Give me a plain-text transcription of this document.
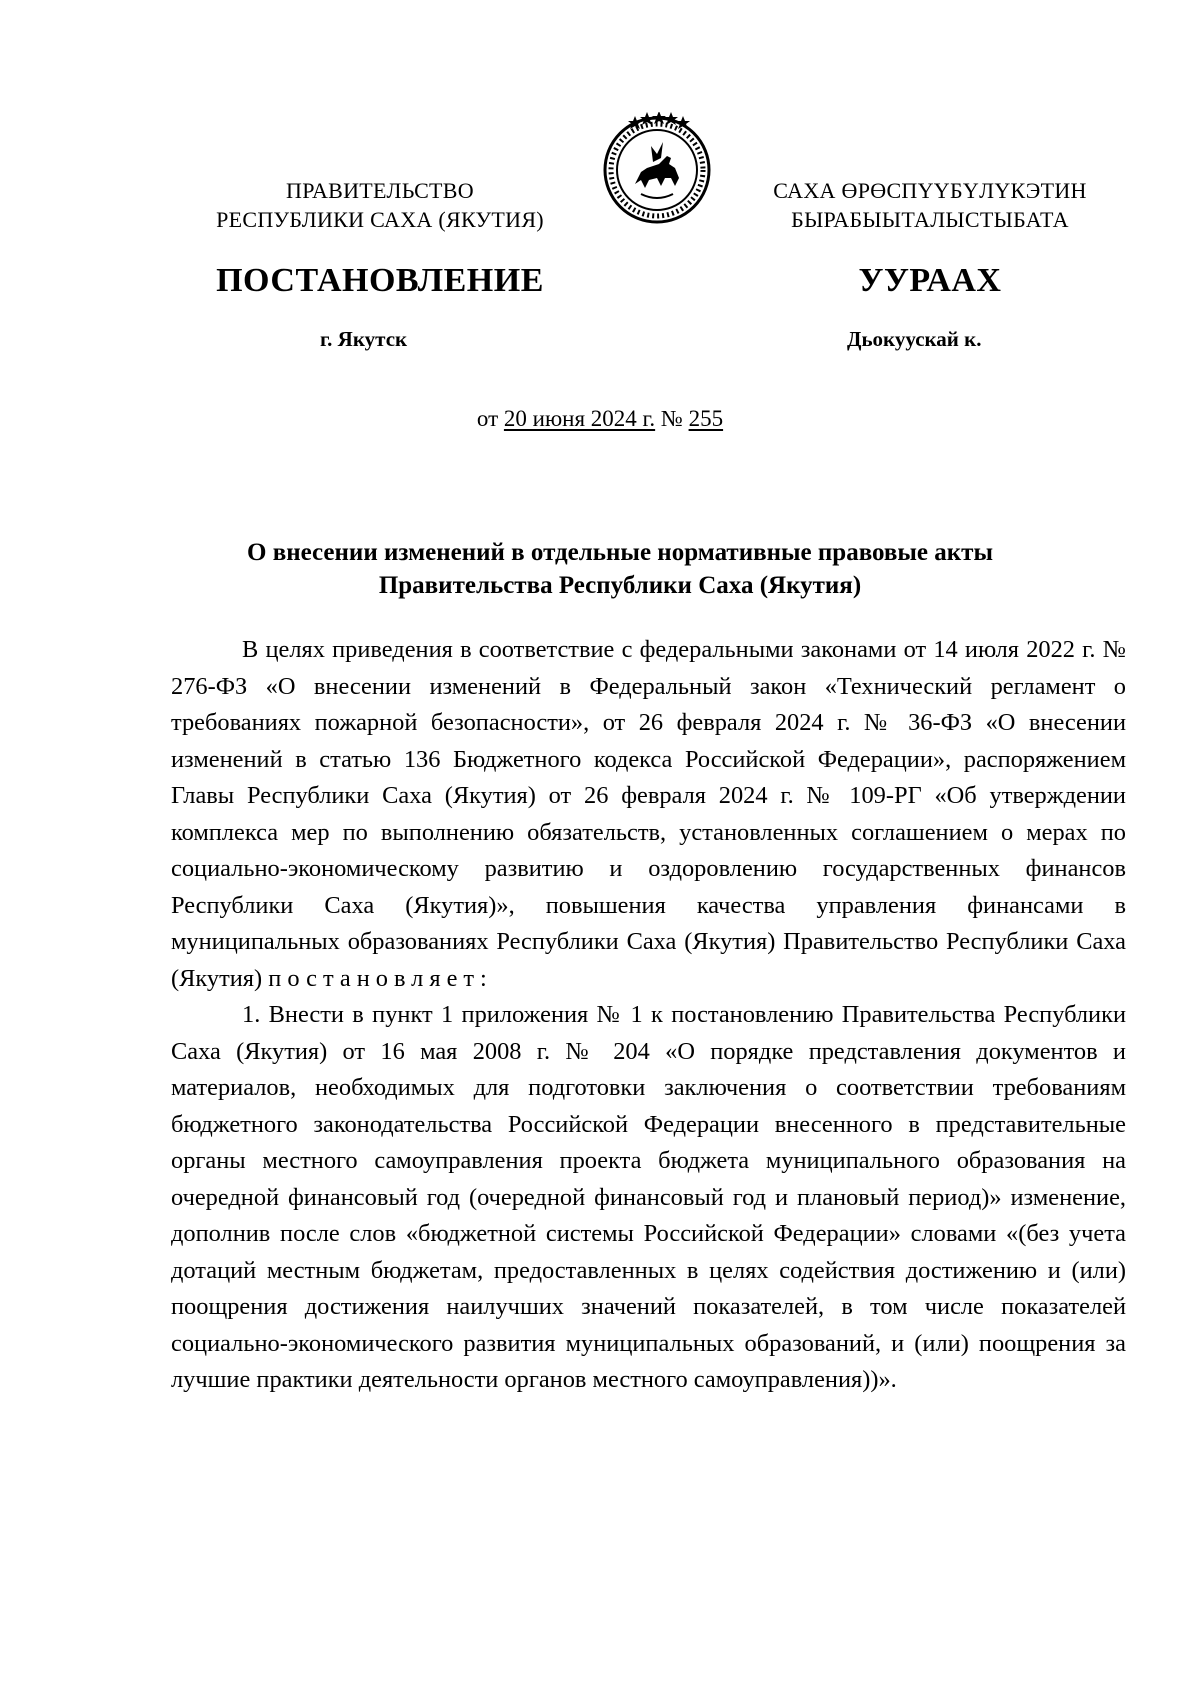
ПРАВИТЕЛЬСТВО
РЕСПУБЛИКИ САХА (ЯКУТИЯ)
САХА ӨРӨСПҮҮБҮЛҮКЭТИН
БЫРАБЫЫТАЛЫСТЫБАТА
ПОСТАНОВЛЕНИЕ	УУРААХ
г. Якутск	Дьокуускай к.
от 20 июня 2024 г. № 255
О внесении изменений в отдельные нормативные правовые акты
Правительства Республики Саха (Якутия)

В целях приведения в соответствие с федеральными законами от 14 июля 2022 г. № 276-ФЗ «О внесении изменений в Федеральный закон «Технический регламент о требованиях пожарной безопасности», от 26 февраля 2024 г. № 36-ФЗ «О внесении изменений в статью 136 Бюджетного кодекса Российской Федерации», распоряжением Главы Республики Саха (Якутия) от 26 февраля 2024 г. № 109-РГ «Об утверждении комплекса мер по выполнению обязательств, установленных соглашением о мерах по социально-экономическому развитию и оздоровлению государственных финансов Республики Саха (Якутия)», повышения качества управления финансами в муниципальных образованиях Республики Саха (Якутия) Правительство Республики Саха (Якутия) постановляет:

1. Внести в пункт 1 приложения № 1 к постановлению Правительства Республики Саха (Якутия) от 16 мая 2008 г. № 204 «О порядке представления документов и материалов, необходимых для подготовки заключения о соответствии требованиям бюджетного законодательства Российской Федерации внесенного в представительные органы местного самоуправления проекта бюджета муниципального образования на очередной финансовый год (очередной финансовый год и плановый период)» изменение, дополнив после слов «бюджетной системы Российской Федерации» словами «(без учета дотаций местным бюджетам, предоставленных в целях содействия достижению и (или) поощрения достижения наилучших значений показателей, в том числе показателей социально-экономического развития муниципальных образований, и (или) поощрения за лучшие практики деятельности органов местного самоуправления))».
